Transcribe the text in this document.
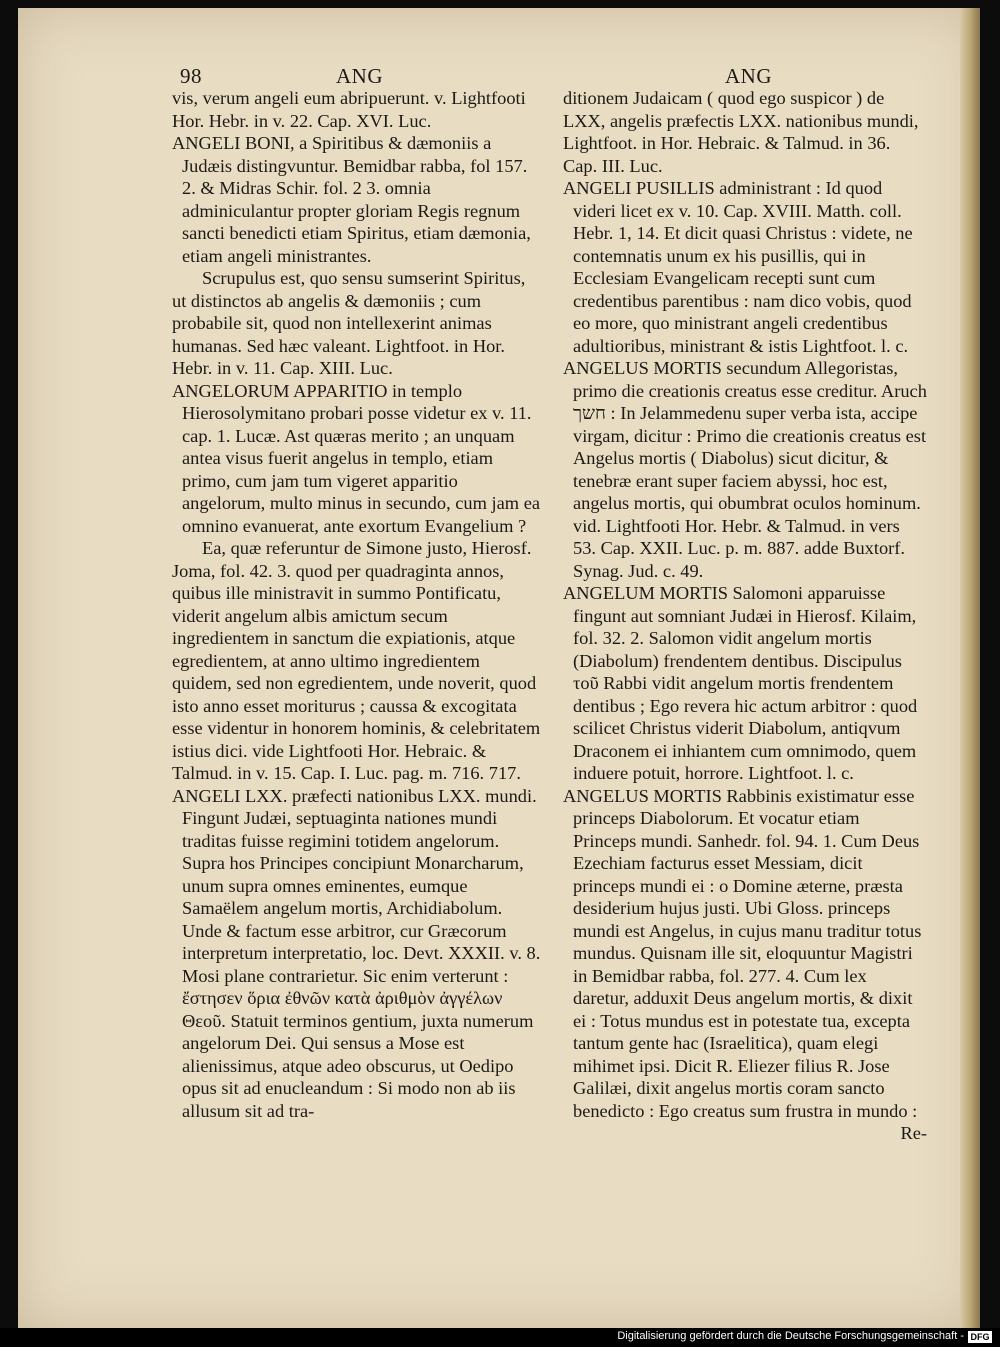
98	ANG	ANG

vis, verum angeli eum abripuerunt. v. Lightfooti Hor. Hebr. in v. 22. Cap. XVI. Luc.

ANGELI BONI, a Spiritibus & dæmoniis a Judæis distingvuntur. Bemidbar rabba, fol 157. 2. & Midras Schir. fol. 2 3. omnia adminiculantur propter gloriam Regis regnum sancti benedicti etiam Spiritus, etiam dæmonia, etiam angeli ministrantes.

Scrupulus est, quo sensu sumserint Spiritus, ut distinctos ab angelis & dæmoniis ; cum probabile sit, quod non intellexerint animas humanas. Sed hæc valeant. Lightfoot. in Hor. Hebr. in v. 11. Cap. XIII. Luc.

ANGELORUM APPARITIO in templo Hierosolymitano probari posse videtur ex v. 11. cap. 1. Lucæ. Ast quæras merito ; an unquam antea visus fuerit angelus in templo, etiam primo, cum jam tum vigeret apparitio angelorum, multo minus in secundo, cum jam ea omnino evanuerat, ante exortum Evangelium ?

Ea, quæ referuntur de Simone justo, Hierosf. Joma, fol. 42. 3. quod per quadraginta annos, quibus ille ministravit in summo Pontificatu, viderit angelum albis amictum secum ingredientem in sanctum die expiationis, atque egredientem, at anno ultimo ingredientem quidem, sed non egredientem, unde noverit, quod isto anno esset moriturus ; caussa & excogitata esse videntur in honorem hominis, & celebritatem istius dici. vide Lightfooti Hor. Hebraic. & Talmud. in v. 15. Cap. I. Luc. pag. m. 716. 717.

ANGELI LXX. præfecti nationibus LXX. mundi. Fingunt Judæi, septuaginta nationes mundi traditas fuisse regimini totidem angelorum. Supra hos Principes concipiunt Monarcharum, unum supra omnes eminentes, eumque Samaëlem angelum mortis, Archidiabolum. Unde & factum esse arbitror, cur Græcorum interpretum interpretatio, loc. Devt. XXXII. v. 8. Mosi plane contrarietur. Sic enim verterunt : ἔστησεν ὅρια ἐθνῶν κατὰ ἀριθμὸν ἀγγέλων Θεοῦ. Statuit terminos gentium, juxta numerum angelorum Dei. Qui sensus a Mose est alienissimus, atque adeo obscurus, ut Oedipo opus sit ad enucleandum : Si modo non ab iis allusum sit ad tra-

ditionem Judaicam ( quod ego suspicor ) de LXX, angelis præfectis LXX. nationibus mundi, Lightfoot. in Hor. Hebraic. & Talmud. in 36. Cap. III. Luc.

ANGELI PUSILLIS administrant : Id quod videri licet ex v. 10. Cap. XVIII. Matth. coll. Hebr. 1, 14. Et dicit quasi Christus : videte, ne contemnatis unum ex his pusillis, qui in Ecclesiam Evangelicam recepti sunt cum credentibus parentibus : nam dico vobis, quod eo more, quo ministrant angeli credentibus adultioribus, ministrant & istis Lightfoot. l. c.

ANGELUS MORTIS secundum Allegoristas, primo die creationis creatus esse creditur. Aruch חשך : In Jelammedenu super verba ista, accipe virgam, dicitur : Primo die creationis creatus est Angelus mortis ( Diabolus) sicut dicitur, & tenebræ erant super faciem abyssi, hoc est, angelus mortis, qui obumbrat oculos hominum. vid. Lightfooti Hor. Hebr. & Talmud. in vers 53. Cap. XXII. Luc. p. m. 887. adde Buxtorf. Synag. Jud. c. 49.

ANGELUM MORTIS Salomoni apparuisse fingunt aut somniant Judæi in Hierosf. Kilaim, fol. 32. 2. Salomon vidit angelum mortis (Diabolum) frendentem dentibus. Discipulus τοῦ Rabbi vidit angelum mortis frendentem dentibus ; Ego revera hic actum arbitror : quod scilicet Christus viderit Diabolum, antiqvum Draconem ei inhiantem cum omnimodo, quem induere potuit, horrore. Lightfoot. l. c.

ANGELUS MORTIS Rabbinis existimatur esse princeps Diabolorum. Et vocatur etiam Princeps mundi. Sanhedr. fol. 94. 1. Cum Deus Ezechiam facturus esset Messiam, dicit princeps mundi ei : o Domine æterne, præsta desiderium hujus justi. Ubi Gloss. princeps mundi est Angelus, in cujus manu traditur totus mundus. Quisnam ille sit, eloquuntur Magistri in Bemidbar rabba, fol. 277. 4. Cum lex daretur, adduxit Deus angelum mortis, & dixit ei : Totus mundus est in potestate tua, excepta tantum gente hac (Israelitica), quam elegi mihimet ipsi. Dicit R. Eliezer filius R. Jose Galilæi, dixit angelus mortis coram sancto benedicto : Ego creatus sum frustra in mundo :

Re-

Digitalisierung gefördert durch die Deutsche Forschungsgemeinschaft - DFG
